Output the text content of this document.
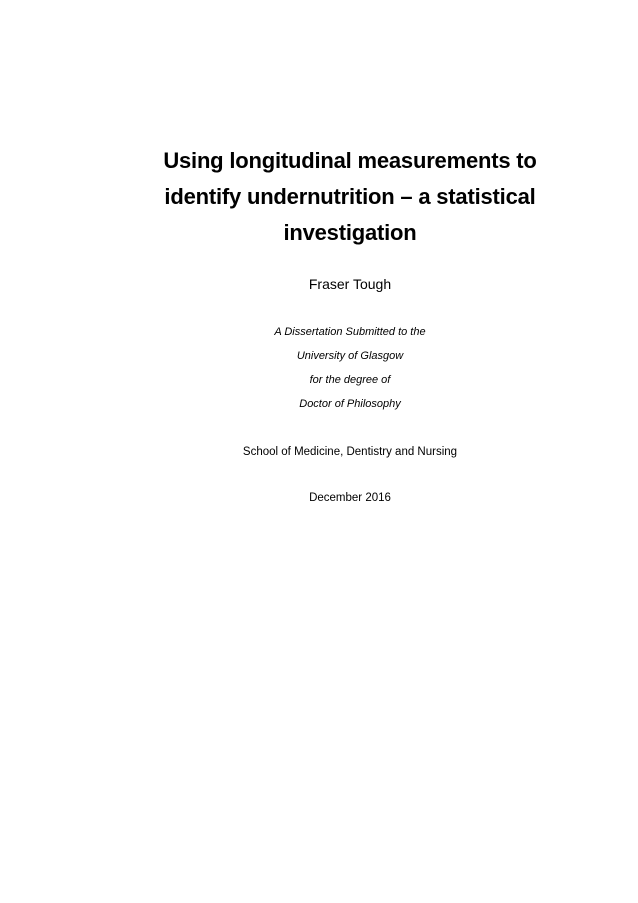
Using longitudinal measurements to
identify undernutrition – a statistical
investigation
Fraser Tough
A Dissertation Submitted to the
University of Glasgow
for the degree of
Doctor of Philosophy
School of Medicine, Dentistry and Nursing
December 2016
